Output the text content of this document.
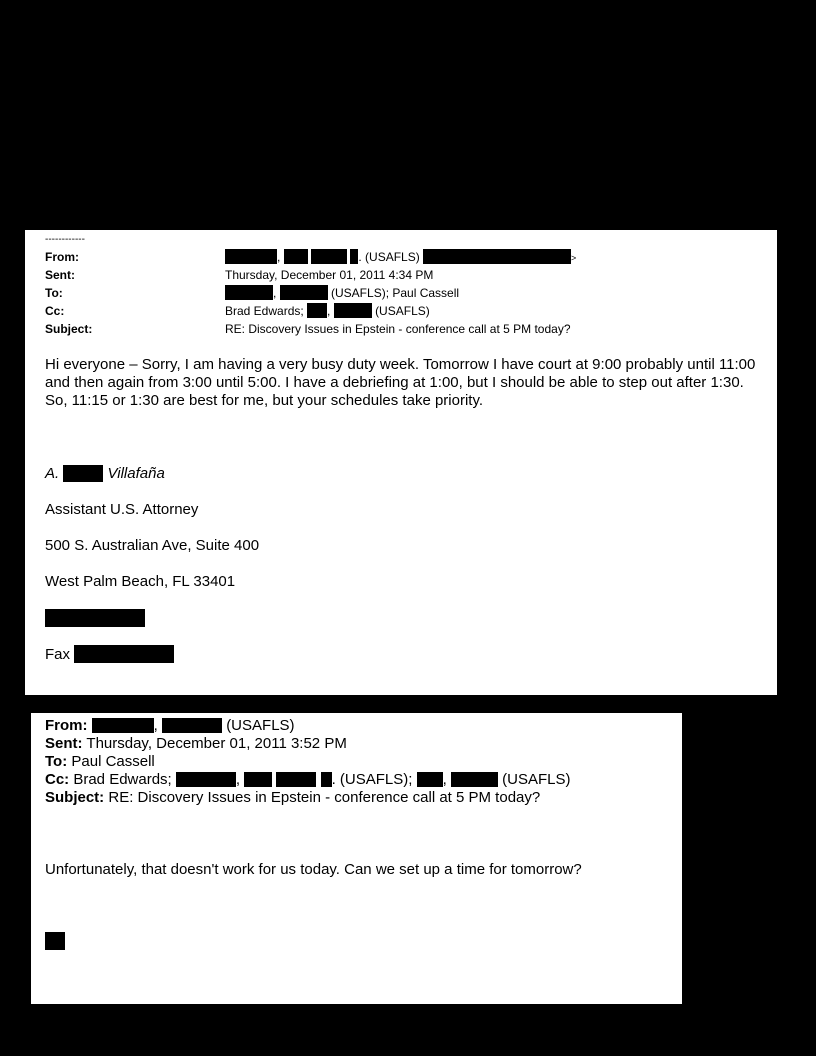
------------
From:	,	. (USAFLS)	>
Sent:	Thursday, December 01, 2011 4:34 PM
To:	,	(USAFLS); Paul Cassell
Cc:	Brad Edwards; ,	(USAFLS)
Subject:	RE: Discovery Issues in Epstein - conference call at 5 PM today?
Hi everyone – Sorry, I am having a very busy duty week. Tomorrow I have court at 9:00 probably until 11:00 and then again from 3:00 until 5:00. I have a debriefing at 1:00, but I should be able to step out after 1:30. So, 11:15 or 1:30 are best for me, but your schedules take priority.
A.	Villafaña
Assistant U.S. Attorney
500 S. Australian Ave, Suite 400
West Palm Beach, FL 33401
Fax
From:	,	(USAFLS)
Sent: Thursday, December 01, 2011 3:52 PM
To: Paul Cassell
Cc: Brad Edwards;	,	. (USAFLS); ,	(USAFLS)
Subject: RE: Discovery Issues in Epstein - conference call at 5 PM today?
Unfortunately, that doesn't work for us today. Can we set up a time for tomorrow?
